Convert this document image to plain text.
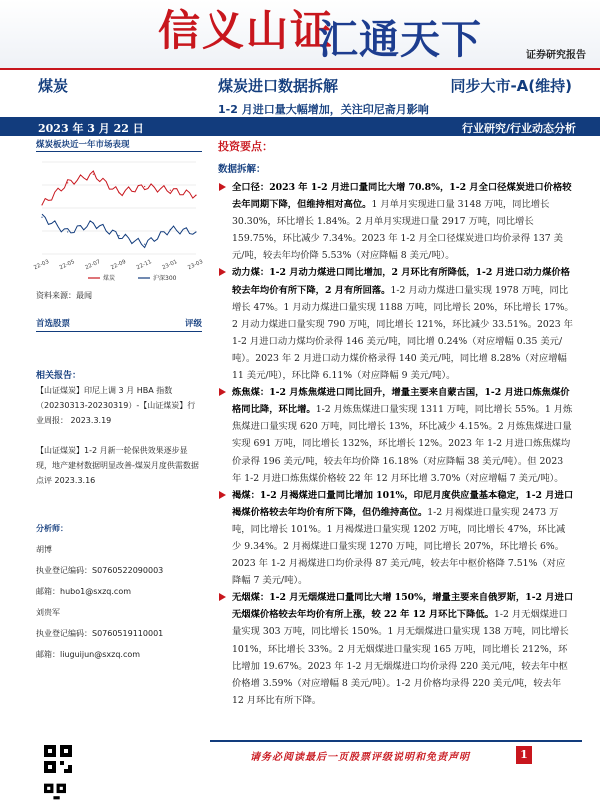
信义山证
汇通天下	证券研究报告
煤炭	煤炭进口数据拆解	同步大市-A(维持)
1-2 月进口量大幅增加，关注印尼斋月影响
2023 年 3 月 22 日	行业研究/行业动态分析
煤炭板块近一年市场表现
22-03 22-05 22-07 22-09 22-11 23-01 23-03
煤炭	沪深300
资料来源：最闻
首选股票	评级
相关报告：
【山证煤炭】印尼上调 3 月 HBA 指数（20230313-20230319）-【山证煤炭】行业周报： 2023.3.19
【山证煤炭】1-2 月新一轮保供效果逐步显现，地产建材数据明显改善-煤炭月度供需数据点评 2023.3.16
分析师：
胡博
执业登记编码：S0760522090003
邮箱：hubo1@sxzq.com
刘贵军
执业登记编码：S0760519110001
邮箱：liuguijun@sxzq.com
投资要点：
数据拆解：
全口径：2023 年 1-2 月进口量同比大增 70.8%，1-2 月全口径煤炭进口价格较去年同期下降，但维持相对高位。1 月单月实现进口量 3148 万吨，同比增长 30.30%，环比增长 1.84%。2 月单月实现进口量 2917 万吨，同比增长 159.75%，环比减少 7.34%。2023 年 1-2 月全口径煤炭进口均价录得 137 美元/吨，较去年均价降 5.53%（对应降幅 8 美元/吨）。
动力煤：1-2 月动力煤进口同比增加，2 月环比有所降低，1-2 月进口动力煤价格较去年均价有所下降，2 月有所回落。1-2 月动力煤进口量实现 1978 万吨，同比增长 47%。1 月动力煤进口量实现 1188 万吨，同比增长 20%，环比增长 17%。2 月动力煤进口量实现 790 万吨，同比增长 121%，环比减少 33.51%。2023 年 1-2 月进口动力煤均价录得 146 美元/吨，同比增 0.24%（对应增幅 0.35 美元/吨）。2023 年 2 月进口动力煤价格录得 140 美元/吨，同比增 8.28%（对应增幅 11 美元/吨），环比降 6.11%（对应降幅 9 美元/吨）。
炼焦煤：1-2 月炼焦煤进口同比回升，增量主要来自蒙古国，1-2 月进口炼焦煤价格同比降，环比增。1-2 月炼焦煤进口量实现 1311 万吨，同比增长 55%。1 月炼焦煤进口量实现 620 万吨，同比增长 13%，环比减少 4.15%。2 月炼焦煤进口量实现 691 万吨，同比增长 132%，环比增长 12%。2023 年 1-2 月进口炼焦煤均价录得 196 美元/吨，较去年均价降 16.18%（对应降幅 38 美元/吨）。但 2023 年 1-2 月进口炼焦煤价格较 22 年 12 月环比增 3.70%（对应增幅 7 美元/吨）。
褐煤：1-2 月褐煤进口量同比增加 101%，印尼月度供应量基本稳定，1-2 月进口褐煤价格较去年均价有所下降，但仍维持高位。1-2 月褐煤进口量实现 2473 万吨，同比增长 101%。1 月褐煤进口量实现 1202 万吨，同比增长 47%，环比减少 9.34%。2 月褐煤进口量实现 1270 万吨，同比增长 207%，环比增长 6%。2023 年 1-2 月褐煤进口均价录得 87 美元/吨，较去年中枢价格降 7.51%（对应降幅 7 美元/吨）。
无烟煤：1-2 月无烟煤进口量同比大增 150%，增量主要来自俄罗斯，1-2 月进口无烟煤价格较去年均价有所上涨，较 22 年 12 月环比下降低。1-2 月无烟煤进口量实现 303 万吨，同比增长 150%。1 月无烟煤进口量实现 138 万吨，同比增长 101%，环比增长 33%。2 月无烟煤进口量实现 165 万吨，同比增长 212%，环比增加 19.67%。2023 年 1-2 月无烟煤进口均价录得 220 美元/吨，较去年中枢价格增 3.59%（对应增幅 8 美元/吨）。1-2 月价格均录得 220 美元/吨，较去年 12 月环比有所下降。
请务必阅读最后一页股票评级说明和免责声明	1
